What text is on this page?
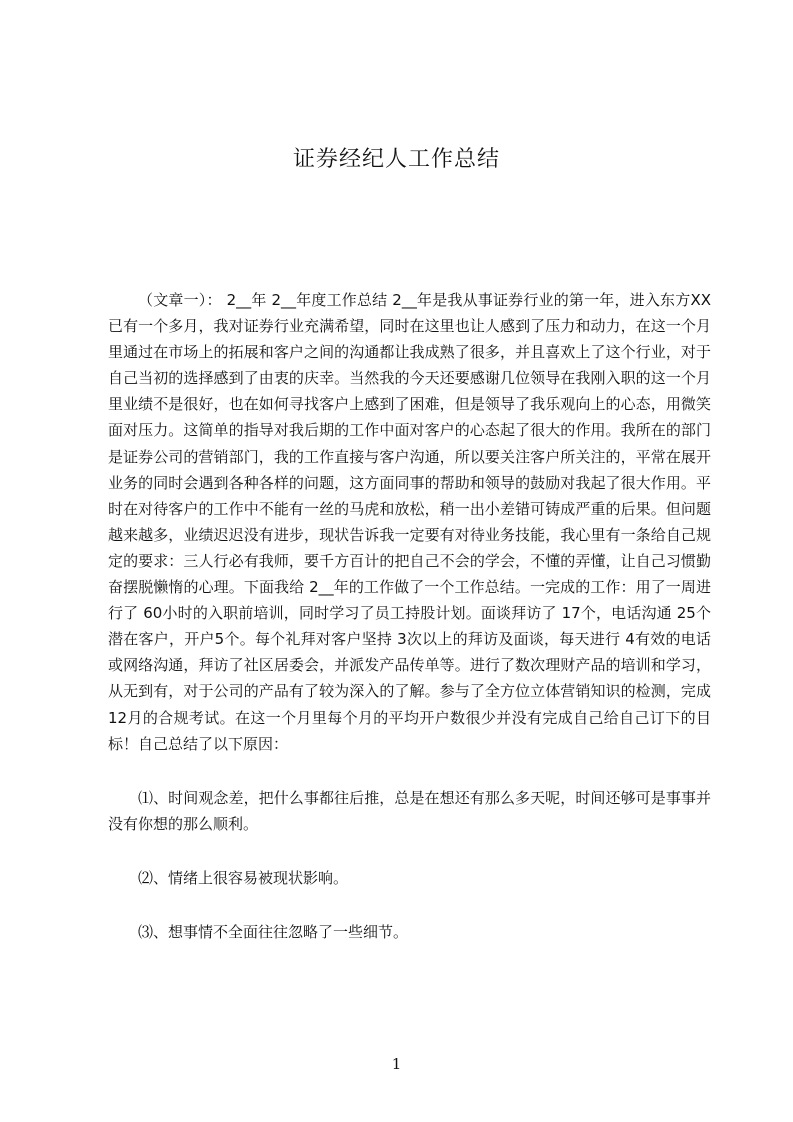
证券经纪人工作总结

（文章一）： 2__年 2__年度工作总结 2__年是我从事证券行业的第一年，进入东方XX已有一个多月，我对证券行业充满希望，同时在这里也让人感到了压力和动力，在这一个月里通过在市场上的拓展和客户之间的沟通都让我成熟了很多，并且喜欢上了这个行业，对于自己当初的选择感到了由衷的庆幸。当然我的今天还要感谢几位领导在我刚入职的这一个月里业绩不是很好，也在如何寻找客户上感到了困难，但是领导了我乐观向上的心态，用微笑面对压力。这简单的指导对我后期的工作中面对客户的心态起了很大的作用。我所在的部门是证券公司的营销部门，我的工作直接与客户沟通，所以要关注客户所关注的，平常在展开业务的同时会遇到各种各样的问题，这方面同事的帮助和领导的鼓励对我起了很大作用。平时在对待客户的工作中不能有一丝的马虎和放松，稍一出小差错可铸成严重的后果。但问题越来越多，业绩迟迟没有进步，现状告诉我一定要有对待业务技能，我心里有一条给自己规定的要求：三人行必有我师，要千方百计的把自己不会的学会，不懂的弄懂，让自己习惯勤奋摆脱懒惰的心理。下面我给 2__年的工作做了一个工作总结。一完成的工作：用了一周进行了 60小时的入职前培训，同时学习了员工持股计划。面谈拜访了 17个，电话沟通 25个潜在客户，开户5个。每个礼拜对客户坚持 3次以上的拜访及面谈，每天进行 4有效的电话或网络沟通，拜访了社区居委会，并派发产品传单等。进行了数次理财产品的培训和学习，从无到有，对于公司的产品有了较为深入的了解。参与了全方位立体营销知识的检测，完成12月的合规考试。在这一个月里每个月的平均开户数很少并没有完成自己给自己订下的目标！自己总结了以下原因：

⑴、时间观念差，把什么事都往后推，总是在想还有那么多天呢，时间还够可是事事并没有你想的那么顺利。

⑵、情绪上很容易被现状影响。

⑶、想事情不全面往往忽略了一些细节。

1
